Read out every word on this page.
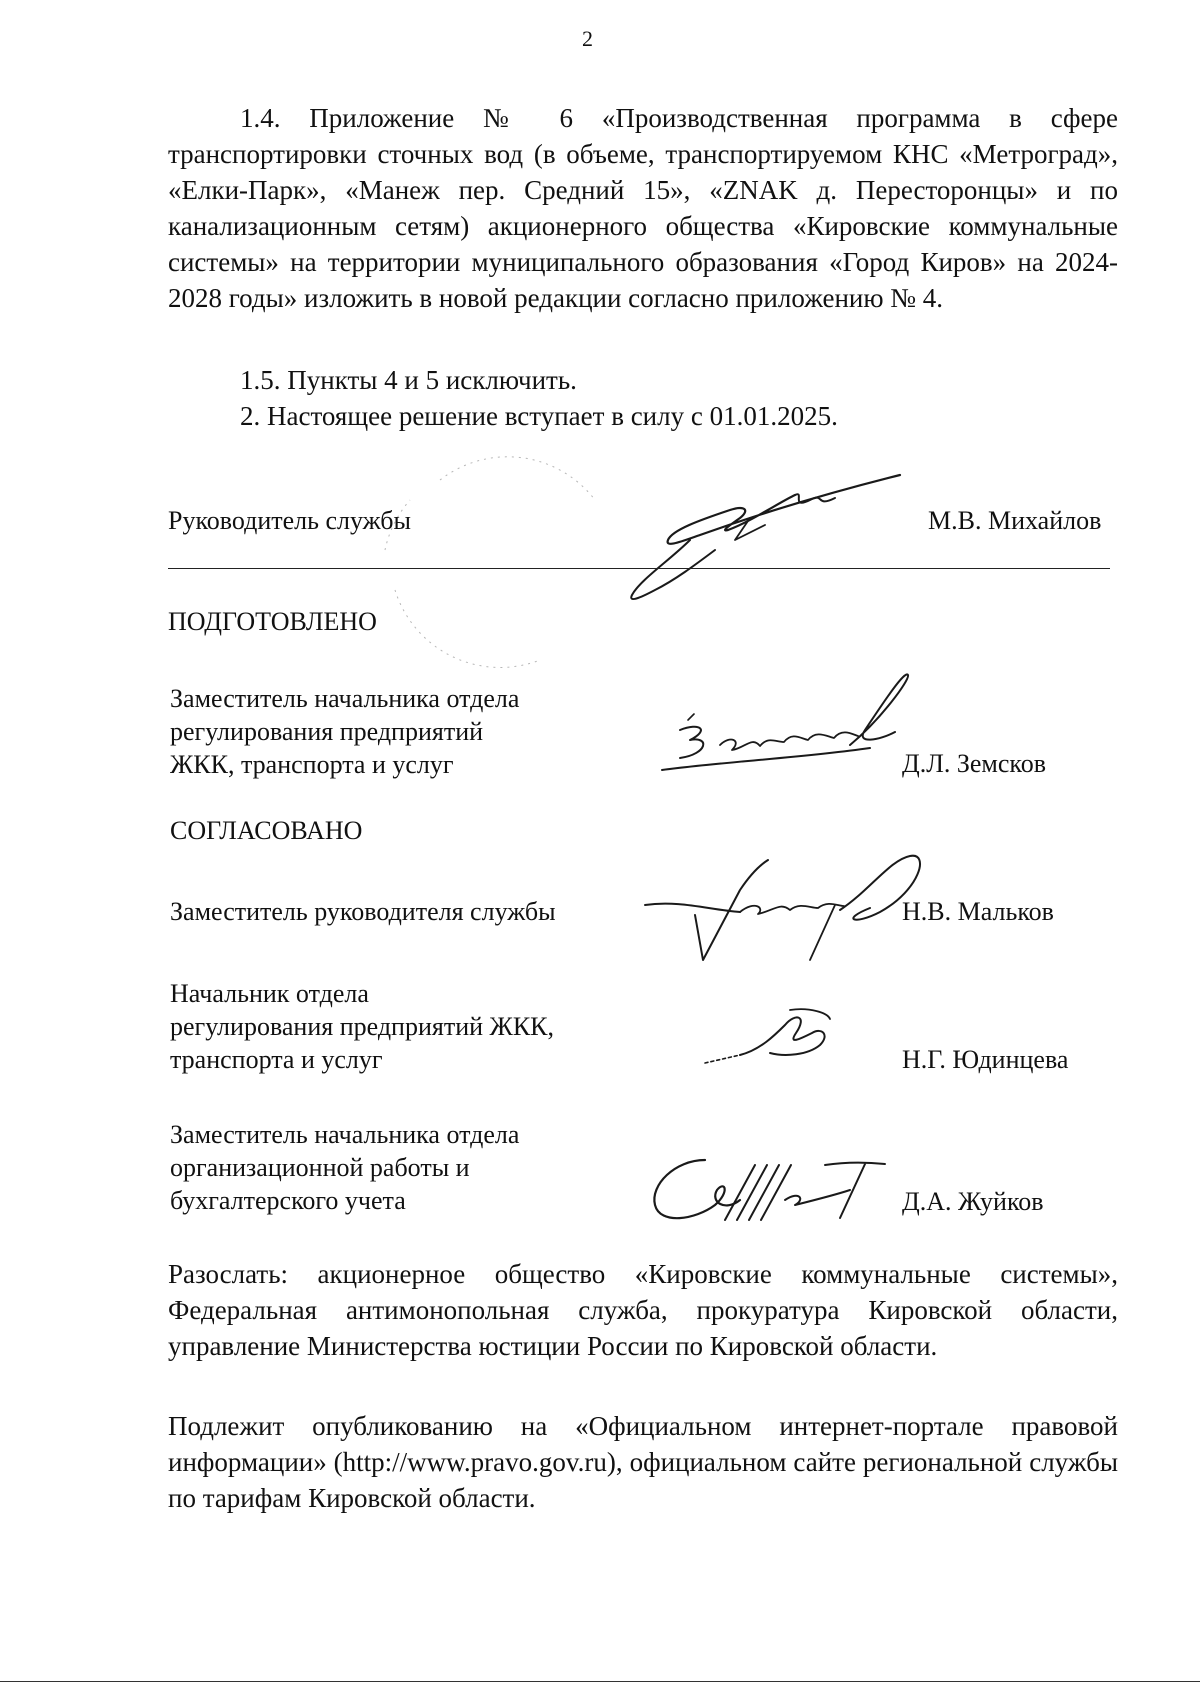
2
1.4. Приложение № 6 «Производственная программа в сфере транспортировки сточных вод (в объеме, транспортируемом КНС «Метроград», «Елки-Парк», «Манеж пер. Средний 15», «ZNAK д. Пересторонцы» и по канализационным сетям) акционерного общества «Кировские коммунальные системы» на территории муниципального образования «Город Киров» на 2024-2028 годы» изложить в новой редакции согласно приложению № 4.
1.5. Пункты 4 и 5 исключить.
2. Настоящее решение вступает в силу с 01.01.2025.
Руководитель службы	М.В. Михайлов
ПОДГОТОВЛЕНО
Заместитель начальника отдела
регулирования предприятий
ЖКК, транспорта и услуг	Д.Л. Земсков
СОГЛАСОВАНО
Заместитель руководителя службы	Н.В. Мальков
Начальник отдела
регулирования предприятий ЖКК,
транспорта и услуг	Н.Г. Юдинцева
Заместитель начальника отдела
организационной работы и
бухгалтерского учета	Д.А. Жуйков
Разослать: акционерное общество «Кировские коммунальные системы», Федеральная антимонопольная служба, прокуратура Кировской области, управление Министерства юстиции России по Кировской области.
Подлежит опубликованию на «Официальном интернет-портале правовой информации» (http://www.pravo.gov.ru), официальном сайте региональной службы по тарифам Кировской области.
